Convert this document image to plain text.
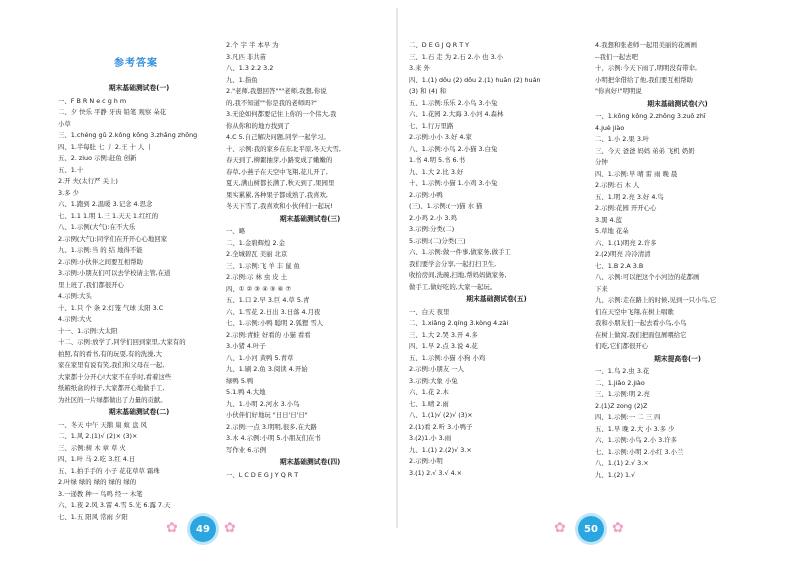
参考答案
期末基础测试卷(一)
一、F B R N e c g h m
二、夕 快乐 平静 牙齿 铅笔 观察 朵花
小草
三、1.chéng gǔ 2.kǒng kōng 3.zhǎng zhōng
四、1.半每肚 七 丿 2.王 十 人 丨
五、2. ziuo 示例:赶鱼 创新
五、1.十
2.开 夫(太行严 关上)
3.多 少
六、1.跑到 2.温暖 3.记念 4.思念
七、1.1 1.明 1.三 1.天天 1.红红的
八、1.示例(大气):在不大乐
2.示例(大气):同学们在开开心心地回家
九、1.示例:当 的 结 地得不能
2.示例:小伙伴之间要互相帮助
3.示例:小朋友们可以去学校请主管,在道
里上班了,我们都很开心
4.示例:大头
十、1.只 个 条 2.灯笼 气球 太阳 3.C
4.示例:大火
十一、1.示例:大太阳
十二、示例:放学了,同学们回到家里,大家有的
拍照,有的看书,有的玩耍,有的洗澡,大
家在家里有说有笑,我们和父母在一起,
大家都十分开心!大家不在乎时,看着这些
纸箱纸盒的样子,大家都开心地做手工,
为社区的一片绿都做出了力量的贡献。
期末基础测试卷(二)
一、冬天 中午 天鹅 扇 蚁 盘 风
二、1.风 2.(1)√ (2)× (3)×
三、示例:树 木 章 草 火
四、1.叶 马 2.吃 3.红 4.日
五、1.拍手手的 小子 花花草草 霜珠
2.叶绿 绿的 绿的 绿的 绿的
3.一递教 种一 鸟鸣 经一 木笔
六、1.夜 2.风 3.雷 4.雪 5.光 6.露 7.天
七、1.五 阳风 常雨 夕阳
2.个 字 半 本早 为
3.凡匹 非共苗
八、1.3 2.2 3.2
九、1.指鱼
2."老师,我想回答"""老师,我想,你说
的,我不知道""你是我的老师吗?"
3.无论如何都要记住上你的一个伟大,我
你从你和的地方找到了
4.C 5.自己解决问题,同学一起学习。
十、示例:我的家乡在东北平原,冬天大雪,
春天到了,柳絮抽芽,小路变成了嫩嫩的
春草,小燕子在天空中飞翔,花儿开了,
夏天,满山树都长满了,秋天到了,果园里
果实累累,各种果子都成熟了,我喜欢,
冬天下雪了,我喜欢和小伙伴们一起玩!
期末基础测试卷(三)
一、略
二、1.金碧辉煌 2.金
2.全城碧瓦 美丽 北京
三、1.示例:飞 羊 丰 鼠 鱼
2.示例:示 林 虫 皮 土
四、① ② ③ ④ ⑤ ⑥ ⑦
五、1.口 2.早 3.巨 4.草 5.青
六、1.雪花 2.日出 3.日落 4.月夜
七、1.示例:小鸭 聪明 2.狐狸 雪人
2.示例:青蛙 好看的 小猫 看看
3.小猪 4.叶子
八、1.小河 黄鸭 5.青草
九、1.刷 2.鱼 3.阅读 4.开始
绿鸭 5.鸭
5.1.鸭 4.大地
九、1.小明 2.河水 3.小鸟
小伙伴们好地玩 "日日'日'日"
2.示例:一点 3.明明,很多,在大路
3.木 4.示例:小明 5.小朋友们在书
写作业 6.示例
期末基础测试卷(四)
一、L C D E G J Y Q R T
二、D E G J Q R T Y
三、1.石 走 为 2.石 2.小 也 3.小
3.来 外
四、1.(1) dǒu (2) dōu 2.(1) huān (2) huán
(3) 和 (4) 和
五、1.示例:乐乐 2.小鸟 3.小兔
六、1.花园 2.大海 3.小河 4.森林
七、1.行万里路
2.示例:小小 3.好 4.家
八、1.示例:小鸟 2.小猫 3.白兔
1.书 4.明 5.书 6.书
九、1.大 2.比 3.好
十、1.示例:小猫 1.小鸡 3.小兔
2.示例:小鸭
(三)、1.示例:(一)猫 水 猫
2.小鸡 2.小 3.鸡
3.示例:分类(二)
5.示例:(二)分类(三)
六、1.示例:做一件事,做家务,做手工
我们要学会分享,一起打扫卫生,
收拾房间,洗碗,扫地,帮妈妈做家务,
做手工,做好吃的,大家一起玩。
期末基础测试卷(五)
一、白天 夜里
二、1.xiǎng 2.qíng 3.kòng 4.zài
三、1.大 2.哭 3.开 4.多
四、1.早 2.点 3.说 4.花
五、1.示例:小猫 小狗 小鸡
2.示例:小朋友 一人
3.示例:大象 小兔
六、1.花 2.木
七、1.晴 2.雨
八、1.(1)√ (2)√ (3)×
2.(1)看 2.听 3.小鸭子
3.(2)1.小 3.雨
九、1.(1) 2.(2)√ 3.×
2.示例:小明
3.(1) 2.√ 3.√ 4.×
4.我想和张老师一起用美丽的花画画
--我们一起去吧
十、示例:今天下雨了,明明没有带伞,
小明把伞借给了他,我们要互相帮助
"你真好!"明明说
期末基础测试卷(六)
一、1.kōng kǒng 2.zhǒng 3.zuō zhī
4.juè jiào
二、1.小 2.果 3.叶
三、今天 爸爸 妈妈 弟弟 飞机 奶奶
分钟
四、1.示例:早 晴 雷 雨 晚 晨
2.示例:石 木 人
五、1.明 2.亮 3.好 4.鸟
2.示例:花园 开开心心
3.黑 4.蓝
5.草地 花朵
六、1.(1)明亮 2.许多
2.(2)明亮 冷冷清清
七、1.B 2.A 3.B
八、示例:可以把这个小河边的花都画
下来
九、示例:走在路上的时候,见到一只小鸟,它
们在天空中飞翔,在树上唱歌
我和小朋友们一起去看小鸟,小鸟
在树上做窝,我们把面包屑喂给它
们吃,它们都很开心
期末提高卷(一)
一、1.鸟 2.虫 3.花
二、1.jiǎo 2.jiào
三、1.示例:明 2.亮
2.(1)Z zong (2)Z
四、1.示例:一 二 三 四
五、1.早 晚 2.大 小 3.多 少
六、1.示例:小鸟 2.小 3.许多
七、1.示例:小明 2.小红 3.小兰
八、1.(1) 2.√ 3.×
九、1.(2) 1.√
✿	49	✿	✿	50	✿
